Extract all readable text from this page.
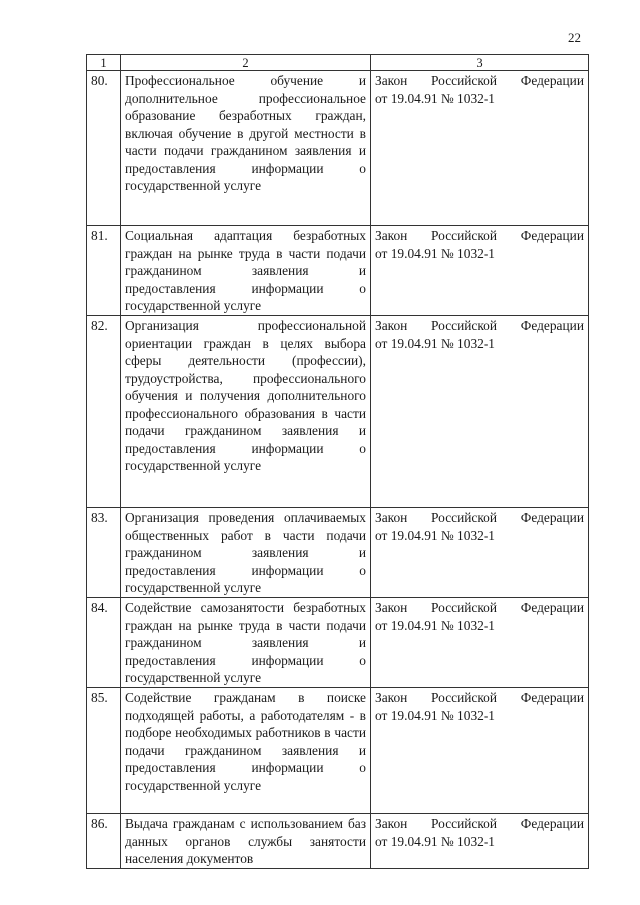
22
1	2	3
80.	Профессиональное обучение и дополнительное профессиональное образование безработных граждан, включая обучение в другой местности в части подачи гражданином заявления и предоставления информации о государственной услуге	Закон Российской Федерации
от 19.04.91 № 1032-1
81.	Социальная адаптация безработных граждан на рынке труда в части подачи гражданином заявления и предоставления информации о государственной услуге	Закон Российской Федерации
от 19.04.91 № 1032-1
82.	Организация профессиональной ориентации граждан в целях выбора сферы деятельности (профессии), трудоустройства, профессионального обучения и получения дополнительного профессионального образования в части подачи гражданином заявления и предоставления информации о государственной услуге	Закон Российской Федерации
от 19.04.91 № 1032-1
83.	Организация проведения оплачиваемых общественных работ в части подачи гражданином заявления и предоставления информации о государственной услуге	Закон Российской Федерации
от 19.04.91 № 1032-1
84.	Содействие самозанятости безработных граждан на рынке труда в части подачи гражданином заявления и предоставления информации о государственной услуге	Закон Российской Федерации
от 19.04.91 № 1032-1
85.	Содействие гражданам в поиске подходящей работы, а работодателям - в подборе необходимых работников в части подачи гражданином заявления и предоставления информации о государственной услуге	Закон Российской Федерации
от 19.04.91 № 1032-1
86.	Выдача гражданам с использованием баз данных органов службы занятости населения документов	Закон Российской Федерации
от 19.04.91 № 1032-1
